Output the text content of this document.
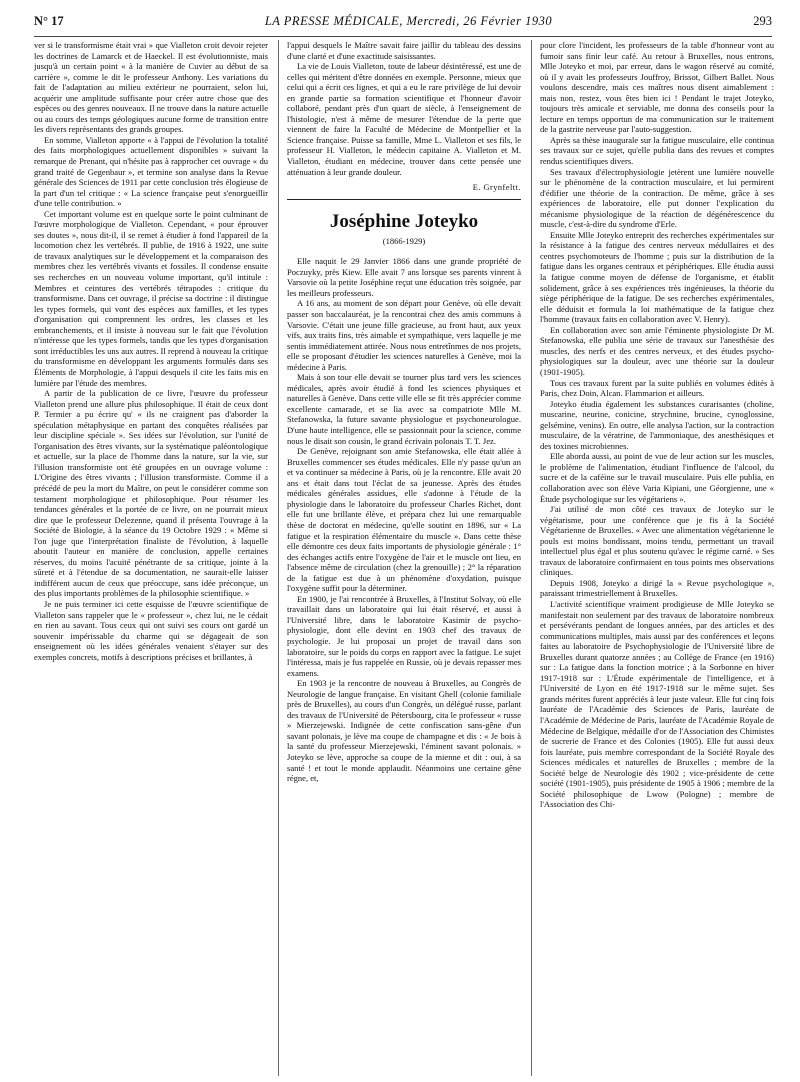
N° 17	LA PRESSE MÉDICALE, Mercredi, 26 Février 1930	293

ver si le transformisme était vrai » que Vialleton croit devoir rejeter les doctrines de Lamarck et de Haeckel. Il est évolutionniste, mais jusqu'à un certain point « à la manière de Cuvier au début de sa carrière », comme le dit le professeur Anthony. Les variations du fait de l'adaptation au milieu extérieur ne pourraient, selon lui, acquérir une amplitude suffisante pour créer autre chose que des espèces ou des genres nouveaux. Il ne trouve dans la nature actuelle ou au cours des temps géologiques aucune forme de transition entre les divers représentants des grands groupes.

En somme, Vialleton apporte « à l'appui de l'évolution la totalité des faits morphologiques actuellement disponibles » suivant la remarque de Prenant, qui n'hésite pas à rapprocher cet ouvrage « du grand traité de Gegenbaur », et termine son analyse dans la Revue générale des Sciences de 1911 par cette conclusion très élogieuse de la part d'un tel critique : « La science française peut s'enorgueillir d'une telle contribution. »

Cet important volume est en quelque sorte le point culminant de l'œuvre morphologique de Vialleton. Cependant, « pour éprouver ses doutes », nous dit-il, il se remet à étudier à fond l'appareil de la locomotion chez les vertébrés. Il publie, de 1916 à 1922, une suite de travaux analytiques sur le développement et la comparaison des membres chez les vertébrés vivants et fossiles. Il condense ensuite ses recherches en un nouveau volume important, qu'il intitule : Membres et ceintures des vertébrés tétrapodes : critique du transformisme. Dans cet ouvrage, il précise sa doctrine : il distingue les types formels, qui vont des espèces aux familles, et les types d'organisation qui comprennent les ordres, les classes et les embranchements, et il insiste à nouveau sur le fait que l'évolution n'intéresse que les types formels, tandis que les types d'organisation sont irréductibles les uns aux autres. Il reprend à nouveau la critique du transformisme en développant les arguments formulés dans ses Éléments de Morphologie, à l'appui desquels il cite les faits mis en lumière par l'étude des membres.

A partir de la publication de ce livre, l'œuvre du professeur Vialleton prend une allure plus philosophique. Il était de ceux dont P. Termier a pu écrire qu' « ils ne craignent pas d'aborder la spéculation métaphysique en partant des conquêtes réalisées par leur discipline spéciale ». Ses idées sur l'évolution, sur l'unité de l'organisation des êtres vivants, sur la systématique paléontologique et actuelle, sur la place de l'homme dans la nature, sur la vie, sur l'illusion transformiste ont été groupées en un ouvrage volume : L'Origine des êtres vivants ; l'illusion transformiste. Comme il a précédé de peu la mort du Maître, on peut le considérer comme son testament morphologique et philosophique. Pour résumer les tendances générales et la portée de ce livre, on ne pourrait mieux dire que le professeur Delezenne, quand il présenta l'ouvrage à la Société de Biologie, à la séance du 19 Octobre 1929 : « Même si l'on juge que l'interprétation finaliste de l'évolution, à laquelle aboutit l'auteur en manière de conclusion, appelle certaines réserves, du moins l'acuité pénétrante de sa critique, jointe à la sûreté et à l'étendue de sa documentation, ne saurait-elle laisser indifférent aucun de ceux que préoccupe, sans idée préconçue, un des plus importants problèmes de la philosophie scientifique. »

Je ne puis terminer ici cette esquisse de l'œuvre scientifique de Vialleton sans rappeler que le « professeur », chez lui, ne le cédait en rien au savant. Tous ceux qui ont suivi ses cours ont gardé un souvenir impérissable du charme qui se dégageait de son enseignement où les idées générales venaient s'étayer sur des exemples concrets, motifs à descriptions précises et brillantes, à

l'appui desquels le Maître savait faire jaillir du tableau des dessins d'une clarté et d'une exactitude saisissantes.

La vie de Louis Vialleton, toute de labeur désintéressé, est une de celles qui méritent d'être données en exemple. Personne, mieux que celui qui a écrit ces lignes, et qui a eu le rare privilège de lui devoir en grande partie sa formation scientifique et l'honneur d'avoir collaboré, pendant près d'un quart de siècle, à l'enseignement de l'histologie, n'est à même de mesurer l'étendue de la perte que viennent de faire la Faculté de Médecine de Montpellier et la Science française. Puisse sa famille, Mme L. Vialleton et ses fils, le professeur H. Vialleton, le médecin capitaine A. Vialleton et M. Vialleton, étudiant en médecine, trouver dans cette pensée une atténuation à leur grande douleur.

E. Grynfeltt.

Joséphine Joteyko
(1866-1929)

Elle naquit le 29 Janvier 1866 dans une grande propriété de Poczuyky, près Kiew. Elle avait 7 ans lorsque ses parents vinrent à Varsovie où la petite Joséphine reçut une éducation très soignée, par les meilleurs professeurs.

A 16 ans, au moment de son départ pour Genève, où elle devait passer son baccalauréat, je la rencontrai chez des amis communs à Varsovie. C'était une jeune fille gracieuse, au front haut, aux yeux vifs, aux traits fins, très aimable et sympathique, vers laquelle je me sentis immédiatement attirée. Nous nous entretînmes de nos projets, elle se proposant d'étudier les sciences naturelles à Genève, moi la médecine à Paris.

Mais à son tour elle devait se tourner plus tard vers les sciences médicales, après avoir étudié à fond les sciences physiques et naturelles à Genève. Dans cette ville elle se fit très apprécier comme excellente camarade, et se lia avec sa compatriote Mlle M. Stefanowska, la future savante physiologue et psychoneurologue. D'une haute intelligence, elle se passionnait pour la science, comme nous le disait son cousin, le grand écrivain polonais T. T. Jez.

De Genève, rejoignant son amie Stefanowska, elle était allée à Bruxelles commencer ses études médicales. Elle n'y passe qu'un an et va continuer sa médecine à Paris, où je la rencontre. Elle avait 20 ans et était dans tout l'éclat de sa jeunesse. Après des études médicales générales assidues, elle s'adonne à l'étude de la physiologie dans le laboratoire du professeur Charles Richet, dont elle fut une brillante élève, et prépara chez lui une remarquable thèse de doctorat en médecine, qu'elle soutint en 1896, sur « La fatigue et la respiration élémentaire du muscle ». Dans cette thèse elle démontre ces deux faits importants de physiologie générale : 1° des échanges actifs entre l'oxygène de l'air et le muscle ont lieu, en l'absence même de circulation (chez la grenouille) ; 2° la réparation de la fatigue est due à un phénomène d'oxydation, puisque l'oxygène suffit pour la déterminer.

En 1900, je l'ai rencontrée à Bruxelles, à l'Institut Solvay, où elle travaillait dans un laboratoire qui lui était réservé, et aussi à l'Université libre, dans le laboratoire Kasimir de psycho-physiologie, dont elle devint en 1903 chef des travaux de psychologie. Je lui proposai un projet de travail dans son laboratoire, sur le poids du corps en rapport avec la fatigue. Le sujet l'intéressa, mais je fus rappelée en Russie, où je devais repasser mes examens.

En 1903 je la rencontre de nouveau à Bruxelles, au Congrès de Neurologie de langue française. En visitant Ghell (colonie familiale près de Bruxelles), au cours d'un Congrès, un délégué russe, parlant des travaux de l'Université de Pétersbourg, cita le professeur « russe » Mierzejewski. Indignée de cette confiscation sans-gêne d'un savant polonais, je lève ma coupe de champagne et dis : « Je bois à la santé du professeur Mierzejewski, l'éminent savant polonais. » Joteyko se lève, approche sa coupe de la mienne et dit : oui, à sa santé ! et tout le monde applaudit. Néanmoins une certaine gêne régne, et,

pour clore l'incident, les professeurs de la table d'honneur vont au fumoir sans finir leur café. Au retour à Bruxelles, nous entrons, Mlle Joteyko et moi, par erreur, dans le wagon réservé au comité, où il y avait les professeurs Jouffroy, Brissot, Gilbert Ballet. Nous voulons descendre, mais ces maîtres nous disent aimablement : mais non, restez, vous êtes bien ici ! Pendant le trajet Joteyko, toujours très amicale et serviable, me donna des conseils pour la lecture en temps opportun de ma communication sur le traitement de la gastrite nerveuse par l'auto-suggestion.

Après sa thèse inaugurale sur la fatigue musculaire, elle continua ses travaux sur ce sujet, qu'elle publia dans des revues et comptes rendus scientifiques divers.

Ses travaux d'électrophysiologie jetèrent une lumière nouvelle sur le phénomène de la contraction musculaire, et lui permirent d'édifier une théorie de la contraction. De même, grâce à ses expériences de laboratoire, elle put donner l'explication du mécanisme physiologique de la réaction de dégénérescence du muscle, c'est-à-dire du syndrome d'Erle.

Ensuite Mlle Joteyko entreprit des recherches expérimentales sur la résistance à la fatigue des centres nerveux médullaires et des centres psychomoteurs de l'homme ; puis sur la distribution de la fatigue dans les organes centraux et périphériques. Elle étudia aussi la fatigue comme moyen de défense de l'organisme, et établit solidement, grâce à ses expériences très ingénieuses, la théorie du siège périphérique de la fatigue. De ses recherches expérimentales, elle déduisit et formula la loi mathématique de la fatigue chez l'homme (travaux faits en collaboration avec V. Henry).

En collaboration avec son amie l'éminente physiologiste Dr M. Stefanowska, elle publia une série de travaux sur l'anesthésie des muscles, des nerfs et des centres nerveux, et des études psycho-physiologiques sur la douleur, avec une théorie sur la douleur (1901-1905).

Tous ces travaux furent par la suite publiés en volumes édités à Paris, chez Doin, Alcan. Flammarion et ailleurs.

Joteyko étudia également les substances curarisantes (choline, muscarine, neurine, conicine, strychnine, brucine, cynoglossine, gelsémine, venins). En outre, elle analysa l'action, sur la contraction musculaire, de la vératrine, de l'ammoniaque, des anesthésiques et des toxines microbiennes.

Elle aborda aussi, au point de vue de leur action sur les muscles, le problème de l'alimentation, étudiant l'influence de l'alcool, du sucre et de la caféine sur le travail musculaire. Puis elle publia, en collaboration avec son élève Varia Kipiani, une Géorgienne, une « Étude psychologique sur les végétariens ».

J'ai utilisé de mon côté ces travaux de Joteyko sur le végétarisme, pour une conférence que je fis à la Société Végétarienne de Bruxelles. « Avec une alimentation végétarienne le pouls est moins bondissant, moins tendu, permettant un travail intellectuel plus égal et plus soutenu qu'avec le régime carné. » Ses travaux de laboratoire confirmaient en tous points mes observations cliniques.

Depuis 1908, Joteyko a dirigé la « Revue psychologique », paraissant trimestriellement à Bruxelles.

L'activité scientifique vraiment prodigieuse de Mlle Joteyko se manifestait non seulement par des travaux de laboratoire nombreux et persévérants pendant de longues années, par des articles et des communications multiples, mais aussi par des conférences et leçons faites au laboratoire de Psychophysiologie de l'Université libre de Bruxelles durant quatorze années ; au Collège de France (en 1916) sur : La fatigue dans la fonction motrice ; à la Sorbonne en hiver 1917-1918 sur : L'Étude expérimentale de l'intelligence, et à l'Université de Lyon en été 1917-1918 sur le même sujet. Ses grands mérites furent appréciés à leur juste valeur. Elle fut cinq fois lauréate de l'Académie des Sciences de Paris, lauréate de l'Académie de Médecine de Paris, lauréate de l'Académie Royale de Médecine de Belgique, médaille d'or de l'Association des Chimistes de sucrerie de France et des Colonies (1905). Elle fut aussi deux fois lauréate, puis membre correspondant de la Société Royale des Sciences médicales et naturelles de Bruxelles ; membre de la Société belge de Neurologie dès 1902 ; vice-présidente de cette société (1901-1905), puis présidente de 1905 à 1906 ; membre de la Société philosophique de Lwow (Pologne) ; membre de l'Association des Chi-
